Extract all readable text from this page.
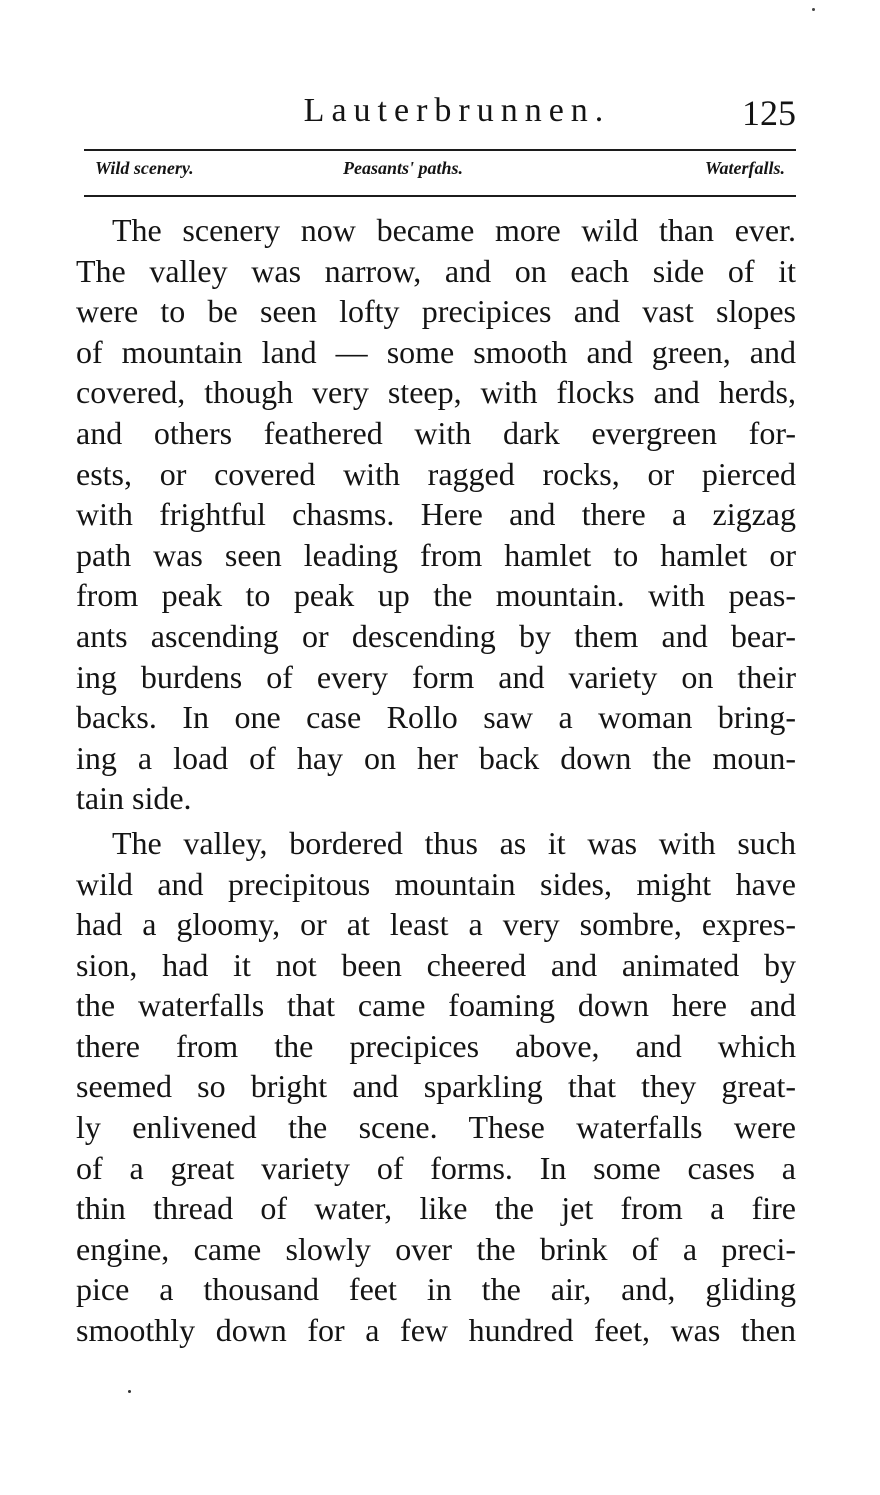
Lauterbrunnen.	125
Wild scenery.	Peasants' paths.	Waterfalls.
The scenery now became more wild than ever.
The valley was narrow, and on each side of it
were to be seen lofty precipices and vast slopes
of mountain land — some smooth and green, and
covered, though very steep, with flocks and herds,
and others feathered with dark evergreen for-
ests, or covered with ragged rocks, or pierced
with frightful chasms. Here and there a zigzag
path was seen leading from hamlet to hamlet or
from peak to peak up the mountain. with peas-
ants ascending or descending by them and bear-
ing burdens of every form and variety on their
backs. In one case Rollo saw a woman bring-
ing a load of hay on her back down the moun-
tain side.
The valley, bordered thus as it was with such
wild and precipitous mountain sides, might have
had a gloomy, or at least a very sombre, expres-
sion, had it not been cheered and animated by
the waterfalls that came foaming down here and
there from the precipices above, and which
seemed so bright and sparkling that they great-
ly enlivened the scene. These waterfalls were
of a great variety of forms. In some cases a
thin thread of water, like the jet from a fire
engine, came slowly over the brink of a preci-
pice a thousand feet in the air, and, gliding
smoothly down for a few hundred feet, was then
